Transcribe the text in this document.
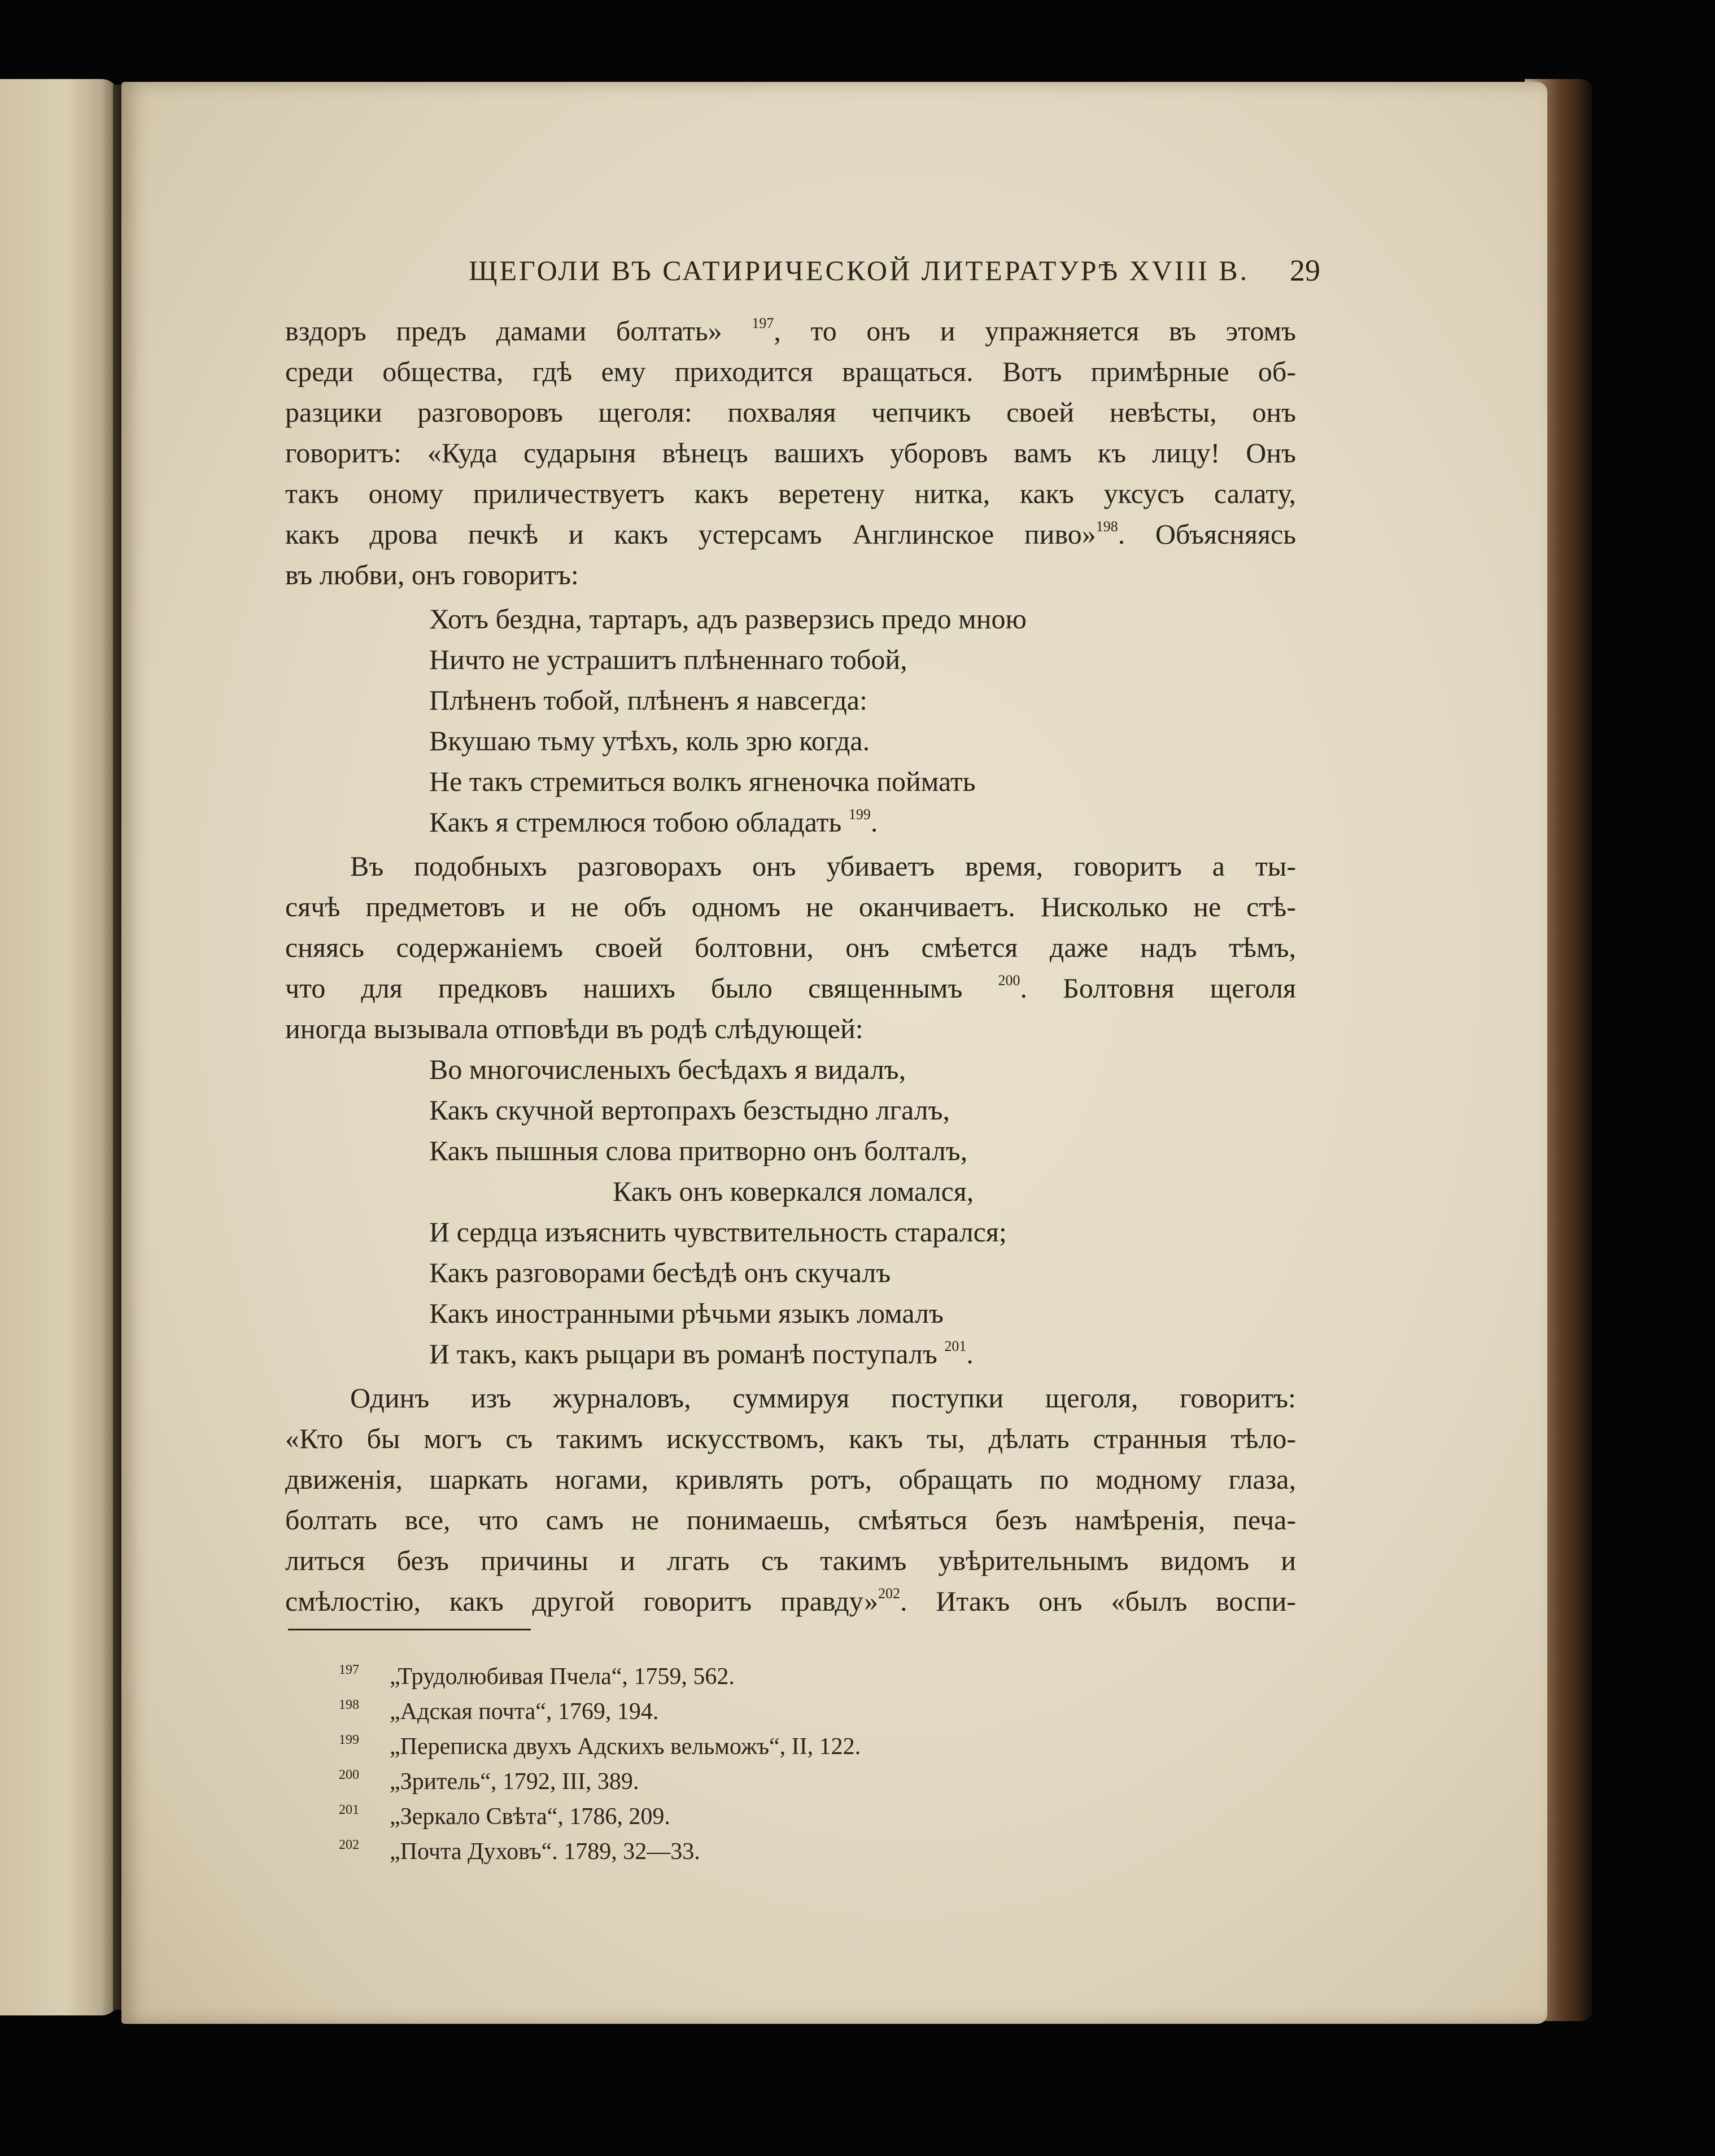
ЩЕГОЛИ ВЪ САТИРИЧЕСКОЙ ЛИТЕРАТУРѢ XVIII В.	29
вздоръ предъ дамами болтать» $^{197}$, то онъ и упражняется въ этомъ
среди общества, гдѣ ему приходится вращаться. Вотъ примѣрные об-
разцики разговоровъ щеголя: похваляя чепчикъ своей невѣсты, онъ
говоритъ: «Куда сударыня вѣнецъ вашихъ уборовъ вамъ къ лицу! Онъ
такъ оному приличествуетъ какъ веретену нитка, какъ уксусъ салату,
какъ дрова печкѣ и какъ устерсамъ Англинское пиво»$^{198}$. Объясняясь
въ любви, онъ говоритъ:
Хотъ бездна, тартаръ, адъ разверзись предо мною
Ничто не устрашитъ плѣненнаго тобой,
Плѣненъ тобой, плѣненъ я навсегда:
Вкушаю тьму утѣхъ, коль зрю когда.
Не такъ стремиться волкъ ягненочка поймать
Какъ я стремлюся тобою обладать $^{199}$.
Въ подобныхъ разговорахъ онъ убиваетъ время, говоритъ а ты-
сячѣ предметовъ и не объ одномъ не оканчиваетъ. Нисколько не стѣ-
сняясь содержаніемъ своей болтовни, онъ смѣется даже надъ тѣмъ,
что для предковъ нашихъ было священнымъ $^{200}$. Болтовня щеголя
иногда вызывала отповѣди въ родѣ слѣдующей:
Во многочисленыхъ бесѣдахъ я видалъ,
Какъ скучной вертопрахъ безстыдно лгалъ,
Какъ пышныя слова притворно онъ болталъ,
Какъ онъ коверкался ломался,
И сердца изъяснить чувствительность старался;
Какъ разговорами бесѣдѣ онъ скучалъ
Какъ иностранными рѣчьми языкъ ломалъ
И такъ, какъ рыцари въ романѣ поступалъ $^{201}$.
Одинъ изъ журналовъ, суммируя поступки щеголя, говоритъ:
«Кто бы могъ съ такимъ искусствомъ, какъ ты, дѣлать странныя тѣло-
движенія, шаркать ногами, кривлять ротъ, обращать по модному глаза,
болтать все, что самъ не понимаешь, смѣяться безъ намѣренія, печа-
литься безъ причины и лгать съ такимъ увѣрительнымъ видомъ и
смѣлостію, какъ другой говоритъ правду»$^{202}$. Итакъ онъ «былъ воспи-
197 „Трудолюбивая Пчела“, 1759, 562.
198 „Адская почта“, 1769, 194.
199 „Переписка двухъ Адскихъ вельможъ“, II, 122.
200 „Зритель“, 1792, III, 389.
201 „Зеркало Свѣта“, 1786, 209.
202 „Почта Духовъ“. 1789, 32—33.
